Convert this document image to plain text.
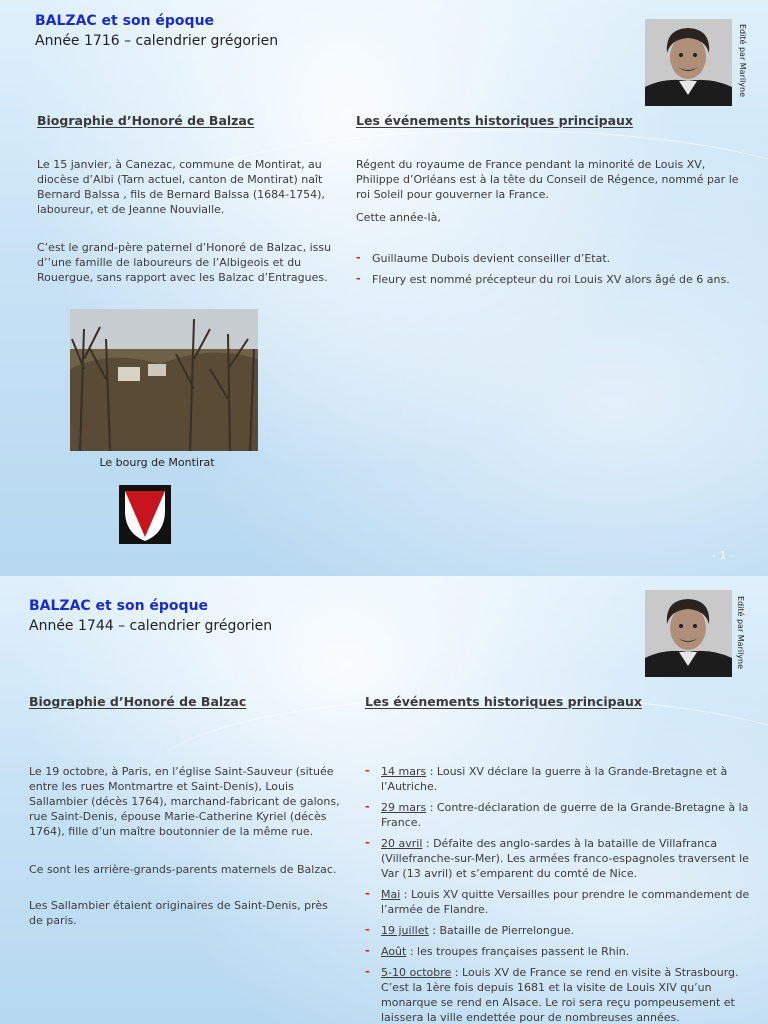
BALZAC et son époque
Année 1716 – calendrier grégorien	Edité par Marilyne
Biographie d’Honoré de Balzac	Les événements historiques principaux

Le 15 janvier, à Canezac, commune de Montirat, au diocèse d’Albi (Tarn actuel, canton de Montirat) naît Bernard Balssa , fils de Bernard Balssa (1684-1754), laboureur, et de Jeanne Nouvialle.

C’est le grand-père paternel d’Honoré de Balzac, issu d’’une famille de laboureurs de l’Albigeois et du Rouergue, sans rapport avec les Balzac d’Entragues.

Le bourg de Montirat

Régent du royaume de France pendant la minorité de Louis XV, Philippe d’Orléans est à la tête du Conseil de Régence, nommé par le roi Soleil pour gouverner la France.

Cette année-là,

- Guillaume Dubois devient conseiller d’Etat.
- Fleury est nommé précepteur du roi Louis XV alors âgé de 6 ans.
- 1 -
BALZAC et son époque
Année 1744 – calendrier grégorien	Edité par Marilyne
Biographie d’Honoré de Balzac	Les événements historiques principaux

Le 19 octobre, à Paris, en l’église Saint-Sauveur (située entre les rues Montmartre et Saint-Denis), Louis Sallambier (décès 1764), marchand-fabricant de galons, rue Saint-Denis, épouse Marie-Catherine Kyriel (décès 1764), fille d’un maître boutonnier de la même rue.

Ce sont les arrière-grands-parents maternels de Balzac.

Les Sallambier étaient originaires de Saint-Denis, près de paris.

- 14 mars : Lousi XV déclare la guerre à la Grande-Bretagne et à l’Autriche.
- 29 mars : Contre-déclaration de guerre de la Grande-Bretagne à la France.
- 20 avril : Défaite des anglo-sardes à la bataille de Villafranca (Villefranche-sur-Mer). Les armées franco-espagnoles traversent le Var (13 avril) et s’emparent du comté de Nice.
- Mai : Louis XV quitte Versailles pour prendre le commandement de l’armée de Flandre.
- 19 juillet : Bataille de Pierrelongue.
- Août : les troupes françaises passent le Rhin.
- 5-10 octobre : Louis XV de France se rend en visite à Strasbourg. C’est la 1ère fois depuis 1681 et la visite de Louis XIV qu’un monarque se rend en Alsace. Le roi sera reçu pompeusement et laissera la ville endettée pour de nombreuses années.
